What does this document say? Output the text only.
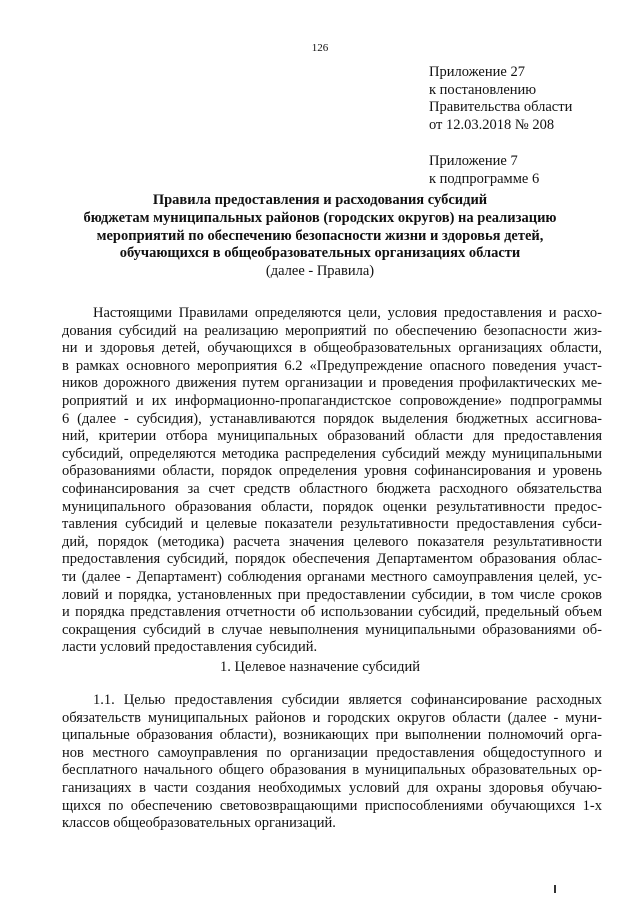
126
Приложение 27
к постановлению
Правительства области
от 12.03.2018 № 208
Приложение 7
к подпрограмме 6
Правила предоставления и расходования субсидий
бюджетам муниципальных районов (городских округов) на реализацию
мероприятий по обеспечению безопасности жизни и здоровья детей,
обучающихся в общеобразовательных организациях области
(далее - Правила)
Настоящими Правилами определяются цели, условия предоставления и расхо-
дования субсидий на реализацию мероприятий по обеспечению безопасности жиз-
ни и здоровья детей, обучающихся в общеобразовательных организациях области,
в рамках основного мероприятия 6.2 «Предупреждение опасного поведения участ-
ников дорожного движения путем организации и проведения профилактических ме-
роприятий и их информационно-пропагандистское сопровождение» подпрограммы
6 (далее - субсидия), устанавливаются порядок выделения бюджетных ассигнова-
ний, критерии отбора муниципальных образований области для предоставления
субсидий, определяются методика распределения субсидий между муниципальными
образованиями области, порядок определения уровня софинансирования и уровень
софинансирования за счет средств областного бюджета расходного обязательства
муниципального образования области, порядок оценки результативности предос-
тавления субсидий и целевые показатели результативности предоставления субси-
дий, порядок (методика) расчета значения целевого показателя результативности
предоставления субсидий, порядок обеспечения Департаментом образования облас-
ти (далее - Департамент) соблюдения органами местного самоуправления целей, ус-
ловий и порядка, установленных при предоставлении субсидии, в том числе сроков
и порядка представления отчетности об использовании субсидий, предельный объем
сокращения субсидий в случае невыполнения муниципальными образованиями об-
ласти условий предоставления субсидий.
1. Целевое назначение субсидий
1.1. Целью предоставления субсидии является софинансирование расходных
обязательств муниципальных районов и городских округов области (далее - муни-
ципальные образования области), возникающих при выполнении полномочий орга-
нов местного самоуправления по организации предоставления общедоступного и
бесплатного начального общего образования в муниципальных образовательных ор-
ганизациях в части создания необходимых условий для охраны здоровья обучаю-
щихся по обеспечению световозвращающими приспособлениями обучающихся 1-х
классов общеобразовательных организаций.
